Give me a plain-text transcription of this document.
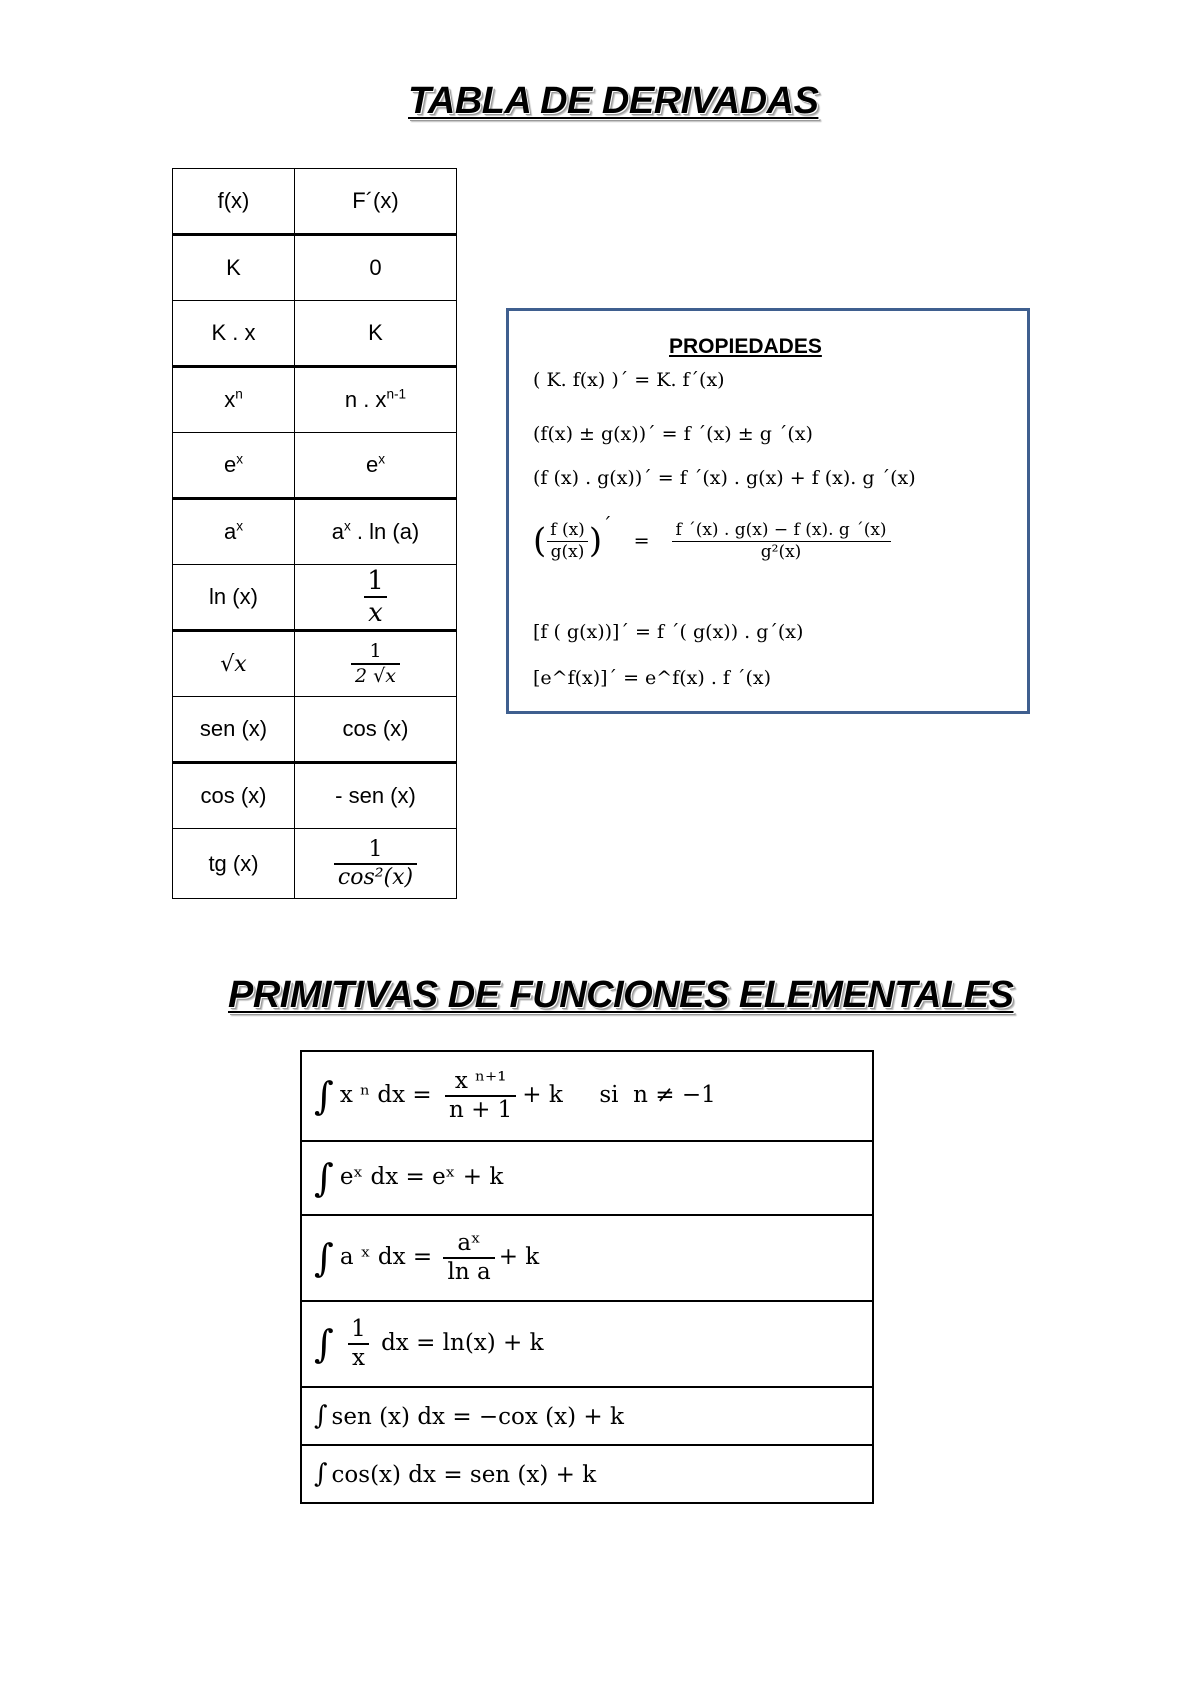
TABLA DE DERIVADAS
f(x)	F´(x)
K	0
K . x	K
$x^n$	n . $x^{n-1}$
$e^x$	$e^x$
$a^x$	$a^x$ . ln (a)
ln (x)	$\frac{1}{x}$

√x	$\frac{1}{2 √x}$

sen (x)	cos (x)
cos (x)	- sen (x)
tg (x)	$\frac{1}{\text{cos²(x)}}$
PROPIEDADES
( K. f(x) )´ = K. f´(x)
(f(x) ± g(x))´ = f ´(x) ± g ´(x)
(f (x) . g(x))´ = f ´(x) . g(x) + f (x). g ´(x)
( $\frac{f (x)}{g(x)}$ ) ´
= $\frac{f ´(x) . g(x) - f (x). g ´(x)}{\text{g²(x)}}$
[f ( g(x))]´ = f ´( g(x)) . g´(x)
[e^f(x)]´ = e^f(x) . f ´(x)
PRIMITIVAS DE FUNCIONES ELEMENTALES
∫ x ⁿ dx = $\frac{\text{x ⁿ⁺¹}}{n + 1} + k$     si  n ≠ −1
∫ eˣ dx = eˣ + k
∫ a ˣ dx = $\frac{\text{aˣ}}{\text{ln a}} + k$
∫ $\frac{1}{x}$ dx = ln(x) + k
∫ sen (x) dx = −cox (x) + k
∫ cos(x) dx = sen (x) + k
